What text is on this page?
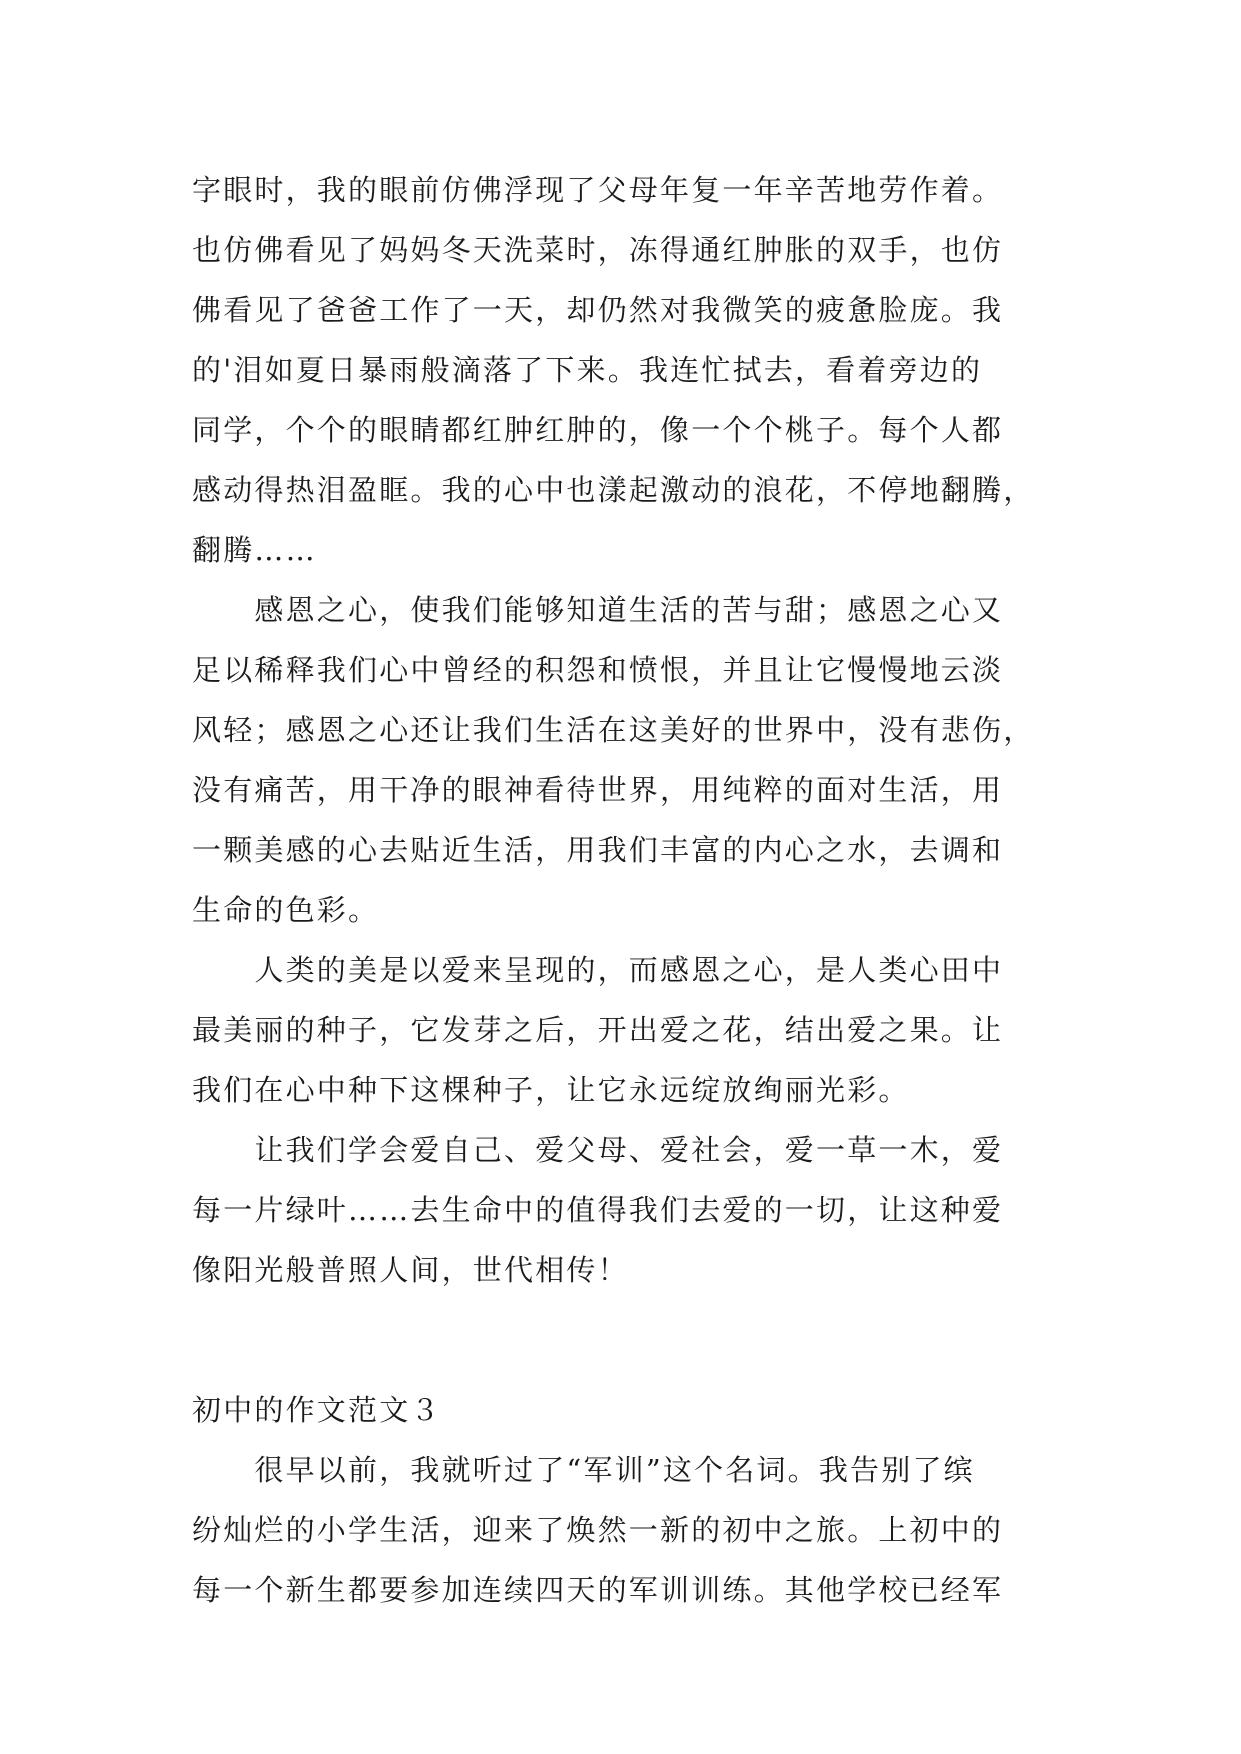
字眼时，我的眼前仿佛浮现了父母年复一年辛苦地劳作着。
也仿佛看见了妈妈冬天洗菜时，冻得通红肿胀的双手，也仿
佛看见了爸爸工作了一天，却仍然对我微笑的疲惫脸庞。我
的'泪如夏日暴雨般滴落了下来。我连忙拭去，看着旁边的
同学，个个的眼睛都红肿红肿的，像一个个桃子。每个人都
感动得热泪盈眶。我的心中也漾起激动的浪花，不停地翻腾，
翻腾……
　　感恩之心，使我们能够知道生活的苦与甜；感恩之心又
足以稀释我们心中曾经的积怨和愤恨，并且让它慢慢地云淡
风轻；感恩之心还让我们生活在这美好的世界中，没有悲伤，
没有痛苦，用干净的眼神看待世界，用纯粹的面对生活，用
一颗美感的心去贴近生活，用我们丰富的内心之水，去调和
生命的色彩。
　　人类的美是以爱来呈现的，而感恩之心，是人类心田中
最美丽的种子，它发芽之后，开出爱之花，结出爱之果。让
我们在心中种下这棵种子，让它永远绽放绚丽光彩。
　　让我们学会爱自己、爱父母、爱社会，爱一草一木，爱
每一片绿叶……去生命中的值得我们去爱的一切，让这种爱
像阳光般普照人间，世代相传！
初中的作文范文３
　　很早以前，我就听过了“军训”这个名词。我告别了缤
纷灿烂的小学生活，迎来了焕然一新的初中之旅。上初中的
每一个新生都要参加连续四天的军训训练。其他学校已经军
